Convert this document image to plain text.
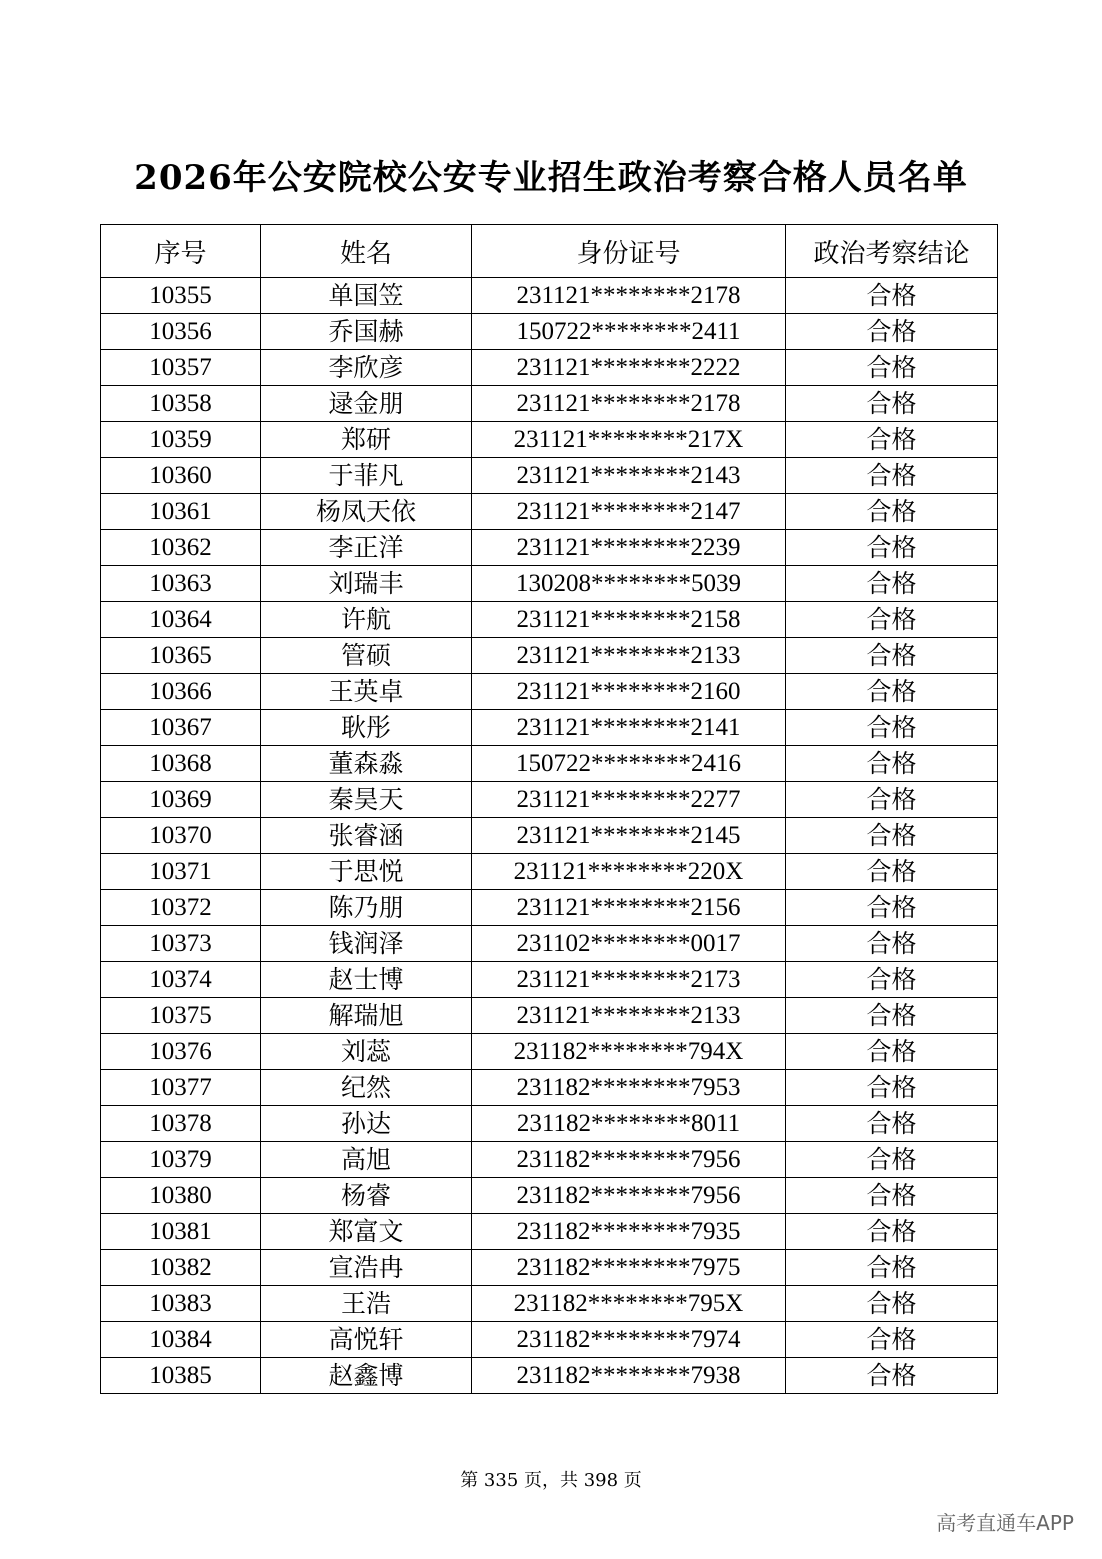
2026年公安院校公安专业招生政治考察合格人员名单
序号	姓名	身份证号	政治考察结论
10355	单国笠	231121********2178	合格
10356	乔国赫	150722********2411	合格
10357	李欣彦	231121********2222	合格
10358	逯金朋	231121********2178	合格
10359	郑研	231121********217X	合格
10360	于菲凡	231121********2143	合格
10361	杨凤天依	231121********2147	合格
10362	李正洋	231121********2239	合格
10363	刘瑞丰	130208********5039	合格
10364	许航	231121********2158	合格
10365	管硕	231121********2133	合格
10366	王英卓	231121********2160	合格
10367	耿彤	231121********2141	合格
10368	董森淼	150722********2416	合格
10369	秦昊天	231121********2277	合格
10370	张睿涵	231121********2145	合格
10371	于思悦	231121********220X	合格
10372	陈乃朋	231121********2156	合格
10373	钱润泽	231102********0017	合格
10374	赵士博	231121********2173	合格
10375	解瑞旭	231121********2133	合格
10376	刘蕊	231182********794X	合格
10377	纪然	231182********7953	合格
10378	孙达	231182********8011	合格
10379	高旭	231182********7956	合格
10380	杨睿	231182********7956	合格
10381	郑富文	231182********7935	合格
10382	宣浩冉	231182********7975	合格
10383	王浩	231182********795X	合格
10384	高悦轩	231182********7974	合格
10385	赵鑫博	231182********7938	合格
第 335 页，共 398 页
高考直通车APP
